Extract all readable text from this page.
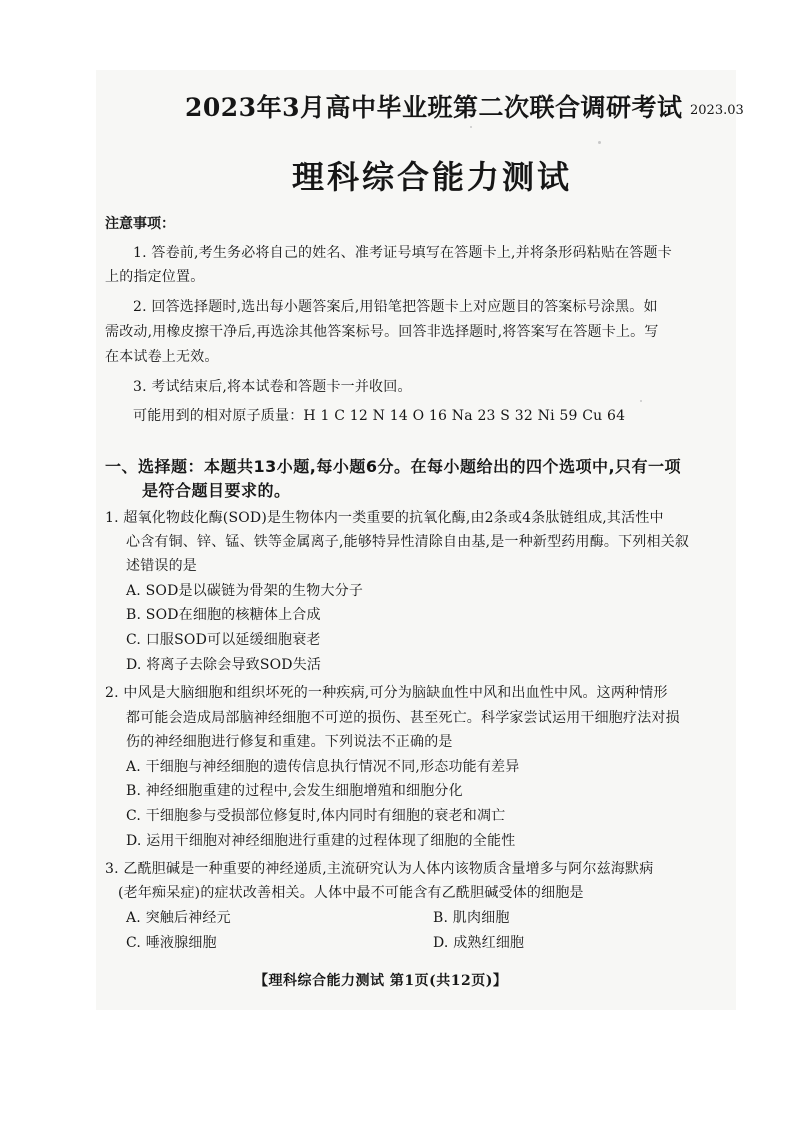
2023年3月高中毕业班第二次联合调研考试 2023.03
理科综合能力测试
注意事项：
1. 答卷前,考生务必将自己的姓名、准考证号填写在答题卡上,并将条形码粘贴在答题卡
上的指定位置。
2. 回答选择题时,选出每小题答案后,用铅笔把答题卡上对应题目的答案标号涂黑。如
需改动,用橡皮擦干净后,再选涂其他答案标号。回答非选择题时,将答案写在答题卡上。写
在本试卷上无效。
3. 考试结束后,将本试卷和答题卡一并收回。
可能用到的相对原子质量：H 1 C 12 N 14 O 16 Na 23 S 32 Ni 59 Cu 64
一、选择题：本题共13小题,每小题6分。在每小题给出的四个选项中,只有一项
是符合题目要求的。
1. 超氧化物歧化酶(SOD)是生物体内一类重要的抗氧化酶,由2条或4条肽链组成,其活性中
心含有铜、锌、锰、铁等金属离子,能够特异性清除自由基,是一种新型药用酶。下列相关叙
述错误的是
A. SOD是以碳链为骨架的生物大分子
B. SOD在细胞的核糖体上合成
C. 口服SOD可以延缓细胞衰老
D. 将离子去除会导致SOD失活
2. 中风是大脑细胞和组织坏死的一种疾病,可分为脑缺血性中风和出血性中风。这两种情形
都可能会造成局部脑神经细胞不可逆的损伤、甚至死亡。科学家尝试运用干细胞疗法对损
伤的神经细胞进行修复和重建。下列说法不正确的是
A. 干细胞与神经细胞的遗传信息执行情况不同,形态功能有差异
B. 神经细胞重建的过程中,会发生细胞增殖和细胞分化
C. 干细胞参与受损部位修复时,体内同时有细胞的衰老和凋亡
D. 运用干细胞对神经细胞进行重建的过程体现了细胞的全能性
3. 乙酰胆碱是一种重要的神经递质,主流研究认为人体内该物质含量增多与阿尔兹海默病
(老年痴呆症)的症状改善相关。人体中最不可能含有乙酰胆碱受体的细胞是
A. 突触后神经元	B. 肌肉细胞
C. 唾液腺细胞	D. 成熟红细胞
【理科综合能力测试 第1页(共12页)】
